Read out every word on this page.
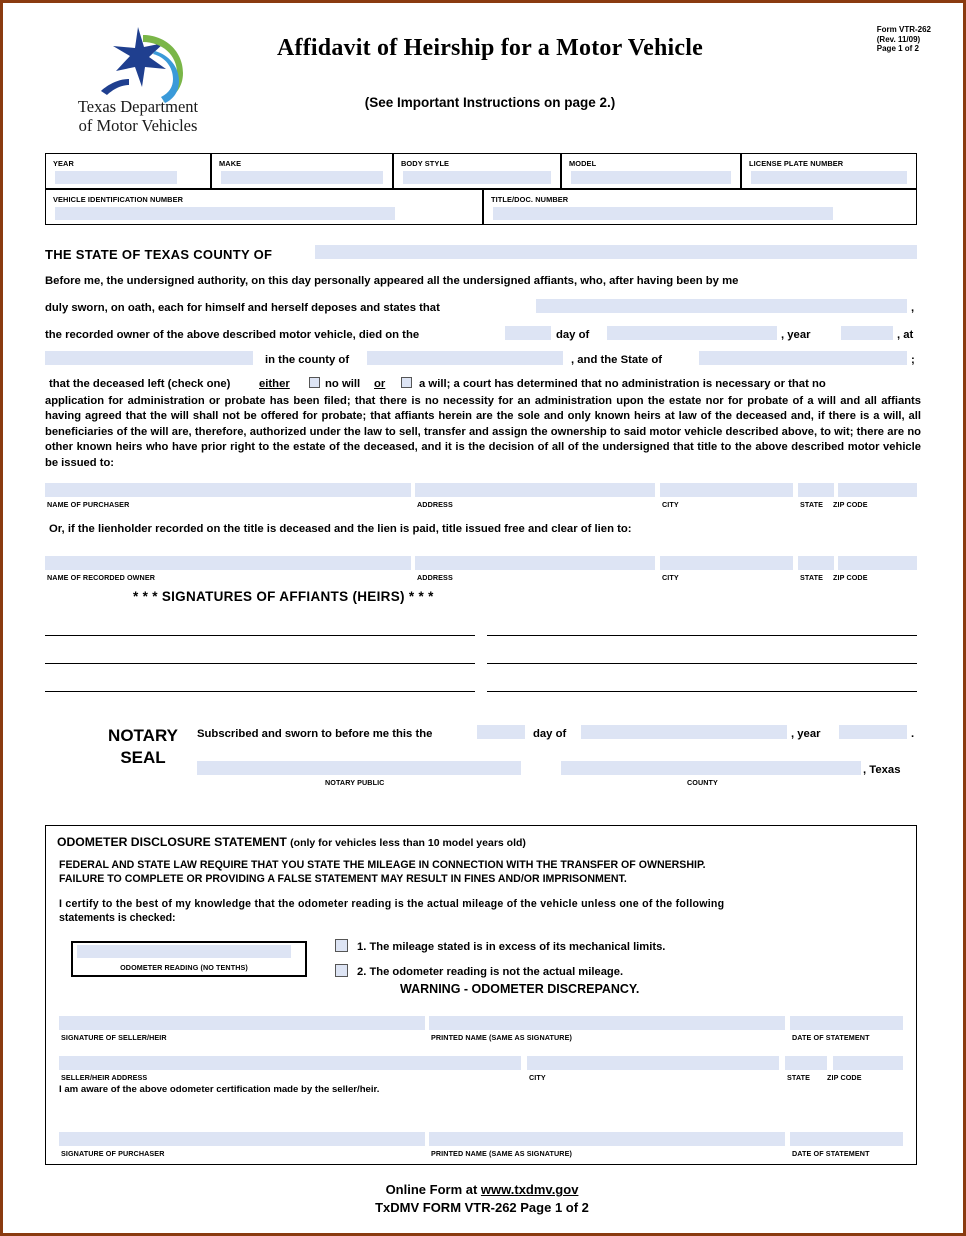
Texas Department
of Motor Vehicles
Affidavit of Heirship for a Motor Vehicle
(See Important Instructions on page 2.)
Form VTR-262
(Rev. 11/09)
Page 1 of 2
YEAR	MAKE	BODY STYLE	MODEL	LICENSE PLATE NUMBER
VEHICLE IDENTIFICATION NUMBER	TITLE/DOC. NUMBER
THE STATE OF TEXAS COUNTY OF
Before me, the undersigned authority, on this day personally appeared all the undersigned affiants, who, after having been by me
duly sworn, on oath, each for himself and herself deposes and states that	,
the recorded owner of the above described motor vehicle, died on the	day of	, year	, at
in the county of	, and the State of	;
that the deceased left (check one)	either	no will or	a will; a court has determined that no administration is necessary or that no
application for administration or probate has been filed; that there is no necessity for an administration upon the estate nor for probate of a will and all affiants having agreed that the will shall not be offered for probate; that affiants herein are the sole and only known heirs at law of the deceased and, if there is a will, all beneficiaries of the will are, therefore, authorized under the law to sell, transfer and assign the ownership to said motor vehicle described above, to wit; there are no other known heirs who have prior right to the estate of the deceased, and it is the decision of all of the undersigned that title to the above described motor vehicle be issued to:
NAME OF PURCHASER	ADDRESS	CITY	STATE ZIP CODE
Or, if the lienholder recorded on the title is deceased and the lien is paid, title issued free and clear of lien to:
NAME OF RECORDED OWNER	ADDRESS	CITY	STATE ZIP CODE
* * * SIGNATURES OF AFFIANTS (HEIRS) * * *
NOTARY
SEAL
Subscribed and sworn to before me this the	day of	, year	.
, Texas
NOTARY PUBLIC	COUNTY
ODOMETER DISCLOSURE STATEMENT (only for vehicles less than 10 model years old)
FEDERAL AND STATE LAW REQUIRE THAT YOU STATE THE MILEAGE IN CONNECTION WITH THE TRANSFER OF OWNERSHIP.
FAILURE TO COMPLETE OR PROVIDING A FALSE STATEMENT MAY RESULT IN FINES AND/OR IMPRISONMENT.
I certify to the best of my knowledge that the odometer reading is the actual mileage of the vehicle unless one of the following
statements is checked:
ODOMETER READING (NO TENTHS)
1. The mileage stated is in excess of its mechanical limits.
2. The odometer reading is not the actual mileage.
WARNING - ODOMETER DISCREPANCY.
SIGNATURE OF SELLER/HEIR	PRINTED NAME (SAME AS SIGNATURE)	DATE OF STATEMENT
SELLER/HEIR ADDRESS	CITY	STATE ZIP CODE
I am aware of the above odometer certification made by the seller/heir.
SIGNATURE OF PURCHASER	PRINTED NAME (SAME AS SIGNATURE)	DATE OF STATEMENT
Online Form at www.txdmv.gov
TxDMV FORM VTR-262 Page 1 of 2
